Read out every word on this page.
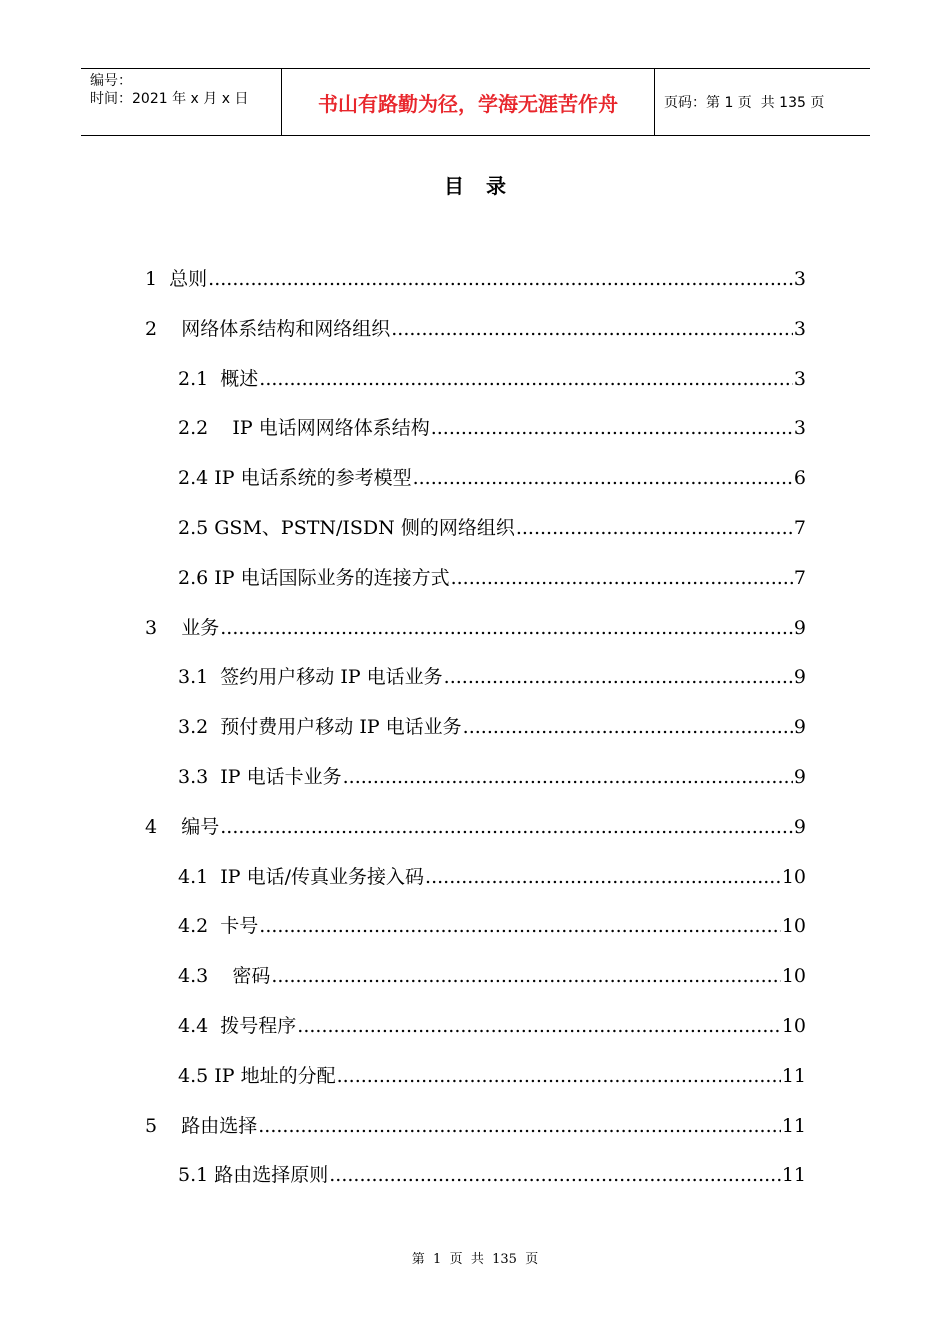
编号：
时间：2021 年 x 月 x 日	书山有路勤为径，学海无涯苦作舟	页码：第 1 页  共 135 页
目录
1  总则 .....	3
2    网络体系结构和网络组织 .....	3
2.1  概述 .....	3
2.2    IP 电话网网络体系结构 .....	3
2.4 IP 电话系统的参考模型 .....	6
2.5 GSM、PSTN/ISDN 侧的网络组织 .....	7
2.6 IP 电话国际业务的连接方式 .....	7
3    业务 .....	9
3.1  签约用户移动 IP 电话业务 .....	9
3.2  预付费用户移动 IP 电话业务 .....	9
3.3  IP 电话卡业务 .....	9
4    编号 .....	9
4.1  IP 电话/传真业务接入码 .....	10
4.2  卡号 .....	10
4.3    密码 .....	10
4.4  拨号程序 .....	10
4.5 IP 地址的分配 .....	11
5    路由选择 .....	11
5.1 路由选择原则 .....	11
第  1  页  共  135  页
